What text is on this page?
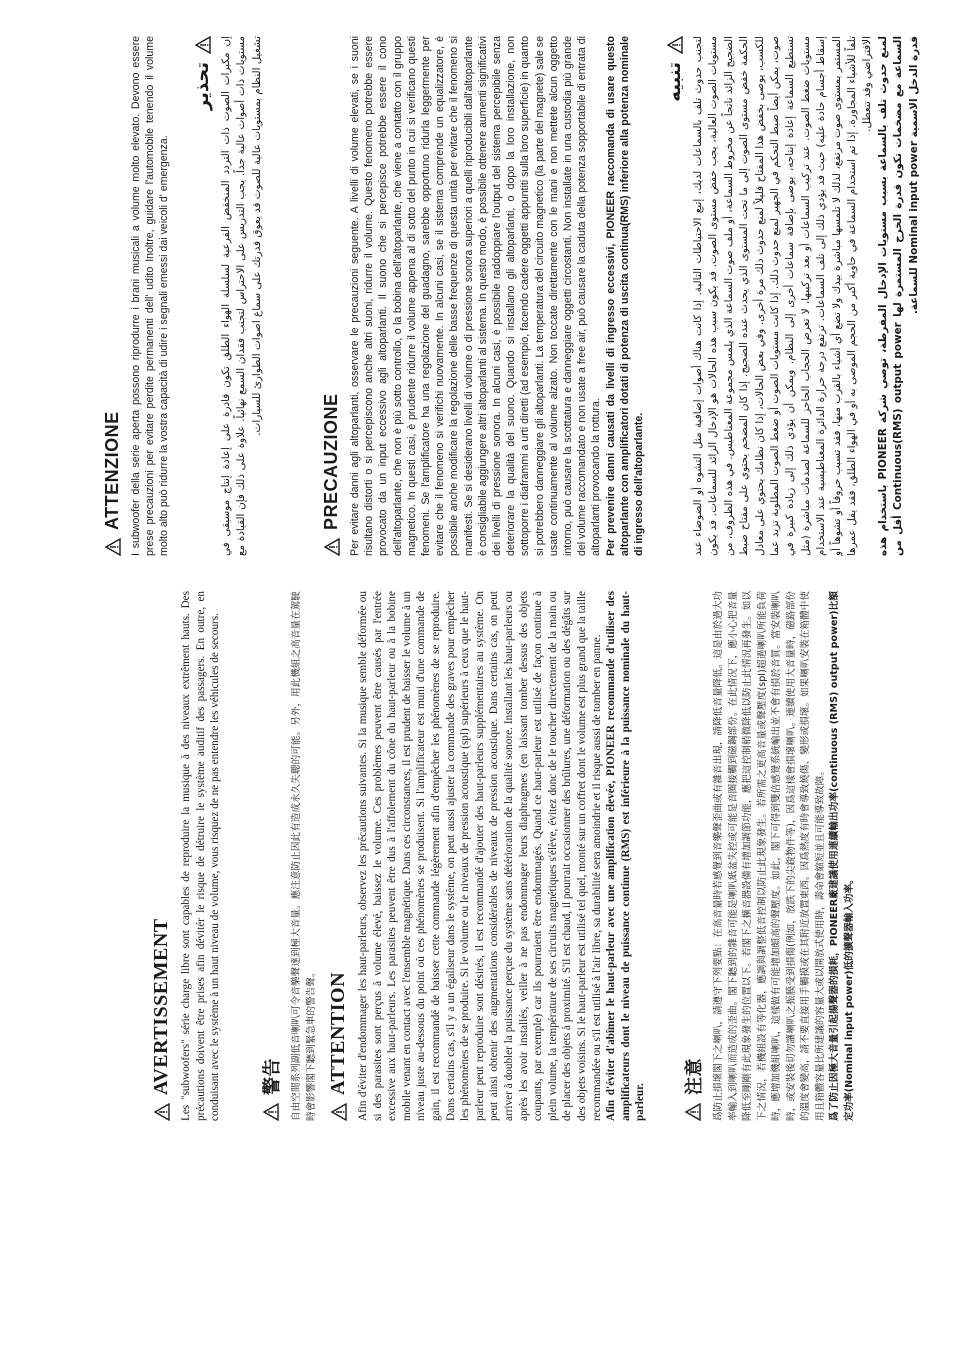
AVERTISSEMENT Les "subwoofers" série charge libre sont capables de reproduire la musique à des niveaux extrêment hauts. Des précautions doivent être prises afin dévitér le risque de détruire le système auditif des passagers. En outre, en conduisant avec le système à un haut niveau de volume, vous risquez de ne pas entendre les véhicules de secours. 警告 自由空間系列副低音喇叭可令音樂聲達到極大音量。應注意防止因此有造成永久失聰的可能。另外，用此機組之高音量在駕駛時會影響閣下聽到緊急車的警告聲。 ATTENTION Afin d'éviter d'endommager les haut-parleurs, observez les précautions suivantes. Si la musique semble déformée ou si des parasites sont perçus à volume élevé, baissez le volume. Ces problèmes peuvent être causés par l'entrée excessive aux haut-parleurs. Les parasites peuvent être dus à l'affolement du cône du haut-parleur ou à la bobine mobile venant en contact avec l'ensemble magnétique. Dans ces circonstances, il est prudent de baisser le volume à un niveau juste au-dessous du point où ces phénomènes se produisent. Si l'amplificateur est muni d'une commande de gain, il est recommandé de baisser cette commande légèrement afin d'empêcher les phénomènes de se reproduire. Dans certains cas, s'il y a un égaliseur dans le système, on peut aussi ajuster la commande des graves pour empêcher les phénomènes de se produire. Si le volume ou le niveaux de pression acoustique (spl) supérieurs à ceux que le haut-parleur peut reproduire sont désirés, il est recommandé d'ajouter des haut-parleurs supplémentaires au système. On peut ainsi obtenir des augmentations considérables de niveaux de pression acoustique. Dans certains cas, on peut arriver à doubler la puissance perçue du système sans détérioration de la qualité sonore. Installant les haut-parleurs ou après les avoir installés, veiller à ne pas endommager leurs diaphragmes (en laissant tomber dessus des objets coupants, par exemple) car ils pourraient être endommagés. Quand ce haut-parleur est utilisé de façon continue à plein volume, la température de ses circuits magnétiques s'élève, évitez donc de le toucher directement de la main ou de placer des objets à proximité. S'il est chaud, il pourrait occasionner des brûlures, une déformation ou des dégâts sur des objets voisins. Si le haut-parleur est utilisé tel quel, monté sur un coffret dont le volume est plus grand que la taille recommandée ou s'il est utilisé à l'air libre, sa durabilité sera amoindrie et il risque aussi de tomber en panne. Afin d'éviter d'abîmer le haut-parleur avec une amplification élevée, PIONEER recommande d'utiliser des amplificateurs dont le niveau de puissance continue (RMS) est inférieure à la puissance nominale du haut-parleur.

注意 爲防止損壞閣下之喇叭，請遵守下列要點：在高音量時若感覺到音樂聲歪曲或有雜音出現，請降低音量降低。這是由於過大功率輸入到喇叭而造成的歪曲。閣下聽到的雜音可能是喇叭紙盆失控或可能是音圈接觸到磁鋼部份。在此情況下，應小心把音量降低至剛剛有此現象發生的位置以下。若閣下之擴音器設備有增加調節功能，應把這控制稍微降低以防止此情況再發生。如以下之情況，若機組設有等化器，應調與調整低音控制以防止此現象發生。若所需之更高音量或聲壓度(spl)超過喇叭所能負荷時，應增加機組喇叭，這樣做有可能增加頗高的聲壓度。如此，閣下可得到雙倍感覺系統輸出並不會有損於音質。當安裝喇叭時，或安裝後切勿讓喇叭之振膜受到損傷(例如，放跌下的尖銳物件等)，因爲這樣會損壞喇叭。連續使用大音量時，磁路部份的溫度會變高，請不要直接用手觸摸或在其附近放置東西。因爲熱度有時會導致燒傷、變形或損壞。如果喇叭安裝在箱體中使用且箱體容量比所建議的容量大或以開放式使用時，壽命會縮短並且可能導致故障。 爲了防止因極大音量引起揚聲器的損耗，PIONEER廠建議使用連續輸出功率(continuous (RMS) output power)比額定功率(Nominal input power)低的擴聲器輸入功率。

ATTENZIONE I subwoofer della serie aperta possono riprodurre i brani musicali a volume molto elevato. Devono essere prese precauzioni per evitare perdite permanenti dell' udito Inoltre, guidare l'automobile tenendo il volume molto alto può ridurre la vostra capacità di udire i segnali emessi dai veicoli d' emergenza.

تحذير إن مكبرات الصوت ذات التردد المنخفض الفرعية لسلسلة الهواء الطلق تكون قادرة على إعادة إنتاج موسيقى في مستويات ذات أصوات عالية جداً. يجب التدريس على الاحتراس لتجنب فقدان السمع نهائياً. علاوة على ذلك فإن القيادة مع تشغيل النظام بمستويات عالية للصوت قد يعوق قدرتك على سماع اصوات الطوارئ للسيارات.

PRECAUZIONE Per evitare danni agli altoparlanti, osservare le precauzioni seguente. A livelli di volume elevati, se i suoni risultano distorti o si percepiscono anche altri suoni, ridurre il volume. Questo fenomeno potrebbe essere provocato da un input eccessivo agli altoparlanti. Il suono che si percepisce potrebbe essere il cono dell'altoparlante, che non è più sotto controllo, o la bobina dell'altoparlante, che viene a contatto con il gruppo magnetico. In questi casi, è prudente ridurre il volume appena al di sotto del punto in cui si verificano questi fenomeni. Se l'amplificatore ha una regolazione del guadagno, sarebbe opportuno ridurla leggermente per evitare che il fenomeno si verifichi nuovamente. In alcuni casi, se il sistema comprende un equalizzatore, è possibile anche modificare la regolazione delle basse frequenze di questa unità per evitare che il fenomeno si manifesti. Se si desiderano livelli di volume o di pressione sonora superiori a quelli riproducibili dall'altoparlante è consigliabile aggiungere altri altoparlanti al sistema. In questo modo, è possibile ottenere aumenti significativi dei livelli di pressione sonora. In alcuni casi, è possibile raddoppiare l'output del sistema percepibile senza deteriorare la qualità del suono. Quando si installano gli altoparlanti, o dopo la loro installazione, non sottoporre i diaframmi a urti diretti (ad esempio, facendo cadere oggetti appuntiti sulla loro superficie) in quanto si potrebbero danneggiare gli altoparlanti. La temperatura del circuito magnetico (la parte del magnete) sale se usate continuamente al volume alzato. Non toccate direttamente con le mani e non mettete alcun oggetto intorno, può causare la scottatura e danneggiare oggetti circostanti. Non installate in una custodia più grande del volume raccomandato e non usate a free air, può causare la caduta della potenza sopportabile di entrata di altoparlanti provocando la rottura. Per prevenire danni causati da livelli di ingresso eccessivi, PIONEER raccomanda di usare questo altoparlante con amplificatori dotati di potenza di uscita continua(RMS) inferiore alla potenza nominale di ingresso dell'altoparlante.

تنبيه لتجنب حدوث تلف بالسماعات لديك، إتبع الاحتياطات التالية. إذا كانت هناك أصوات إضافية مثل التشوه أو الضوضاء عند مستويات الصوت العالية، يجب خفض مستوى الصوت. قد يكون سبب هذه الحالات هو الإدخال الزائد للسماعات. قد يكون الضجيج الزائد ناتجاً عن مخروط السماعة، أو ملف صوت السماعة الذي يلمس مجموعة المغناطيس. في هذه الظروف، من الحكمة خفض مستوى الصوت إلى ما تحت المستوى الذي يحدث عنده الضجيج. إذا كان المضخم يحتوي على مفتاح ضبط للكسب، يوصى بخفض هذا المفتاح قليلاً لمنع حدوث ذلك مرة أخرى. وفي بعض الحالات، إذا كان نظامك يحتوي على معادل صوت، يمكن أيضاً ضبط التحكم في الجهير لمنع حدوث ذلك. إذا كانت مستويات الصوت أو ضغط الصوت المطلوبة تزيد عما تستطيع السماعة إعادة إنتاجه، يوصى بإضافة سماعات أخرى إلى النظام. ويمكن أن يؤدي ذلك إلى زيادة كبيرة في مستويات ضغط الصوت. عند تركيب السماعات أو بعد تركيبها، لا تعرض الحجاب الحاجز للسماعة لصدمات مباشرة (مثل إسقاط أجسام حادة عليه) حيث قد يؤدي ذلك إلى تلف السماعات. ترتفع درجة حرارة الدائرة المغناطيسية عند الاستخدام المستمر بمستوى صوت مرتفع، لذلك لا تلمسها مباشرة بيدك ولا تضع أي أشياء بالقرب منها، فقد تسبب حروقاً أو تشوهاً أو تلفاً للأشياء المجاورة. إذا تم استخدام السماعة في حاوية أكبر من الحجم الموصى به أو في الهواء الطلق، فقد يقل عمرها الافتراضي وقد تتعطل.

لمنع حدوث تلف بالسماعة بسبب مستويات الإدخال المفرطة، توصي شركة PIONEER باستخدام هذه السماعة مع مضخمات تكون قدرة الخرج المستمرة لها Continuous(RMS) output power أقل من قدرة الدخل الاسمية Nominal input power للسماعة.
